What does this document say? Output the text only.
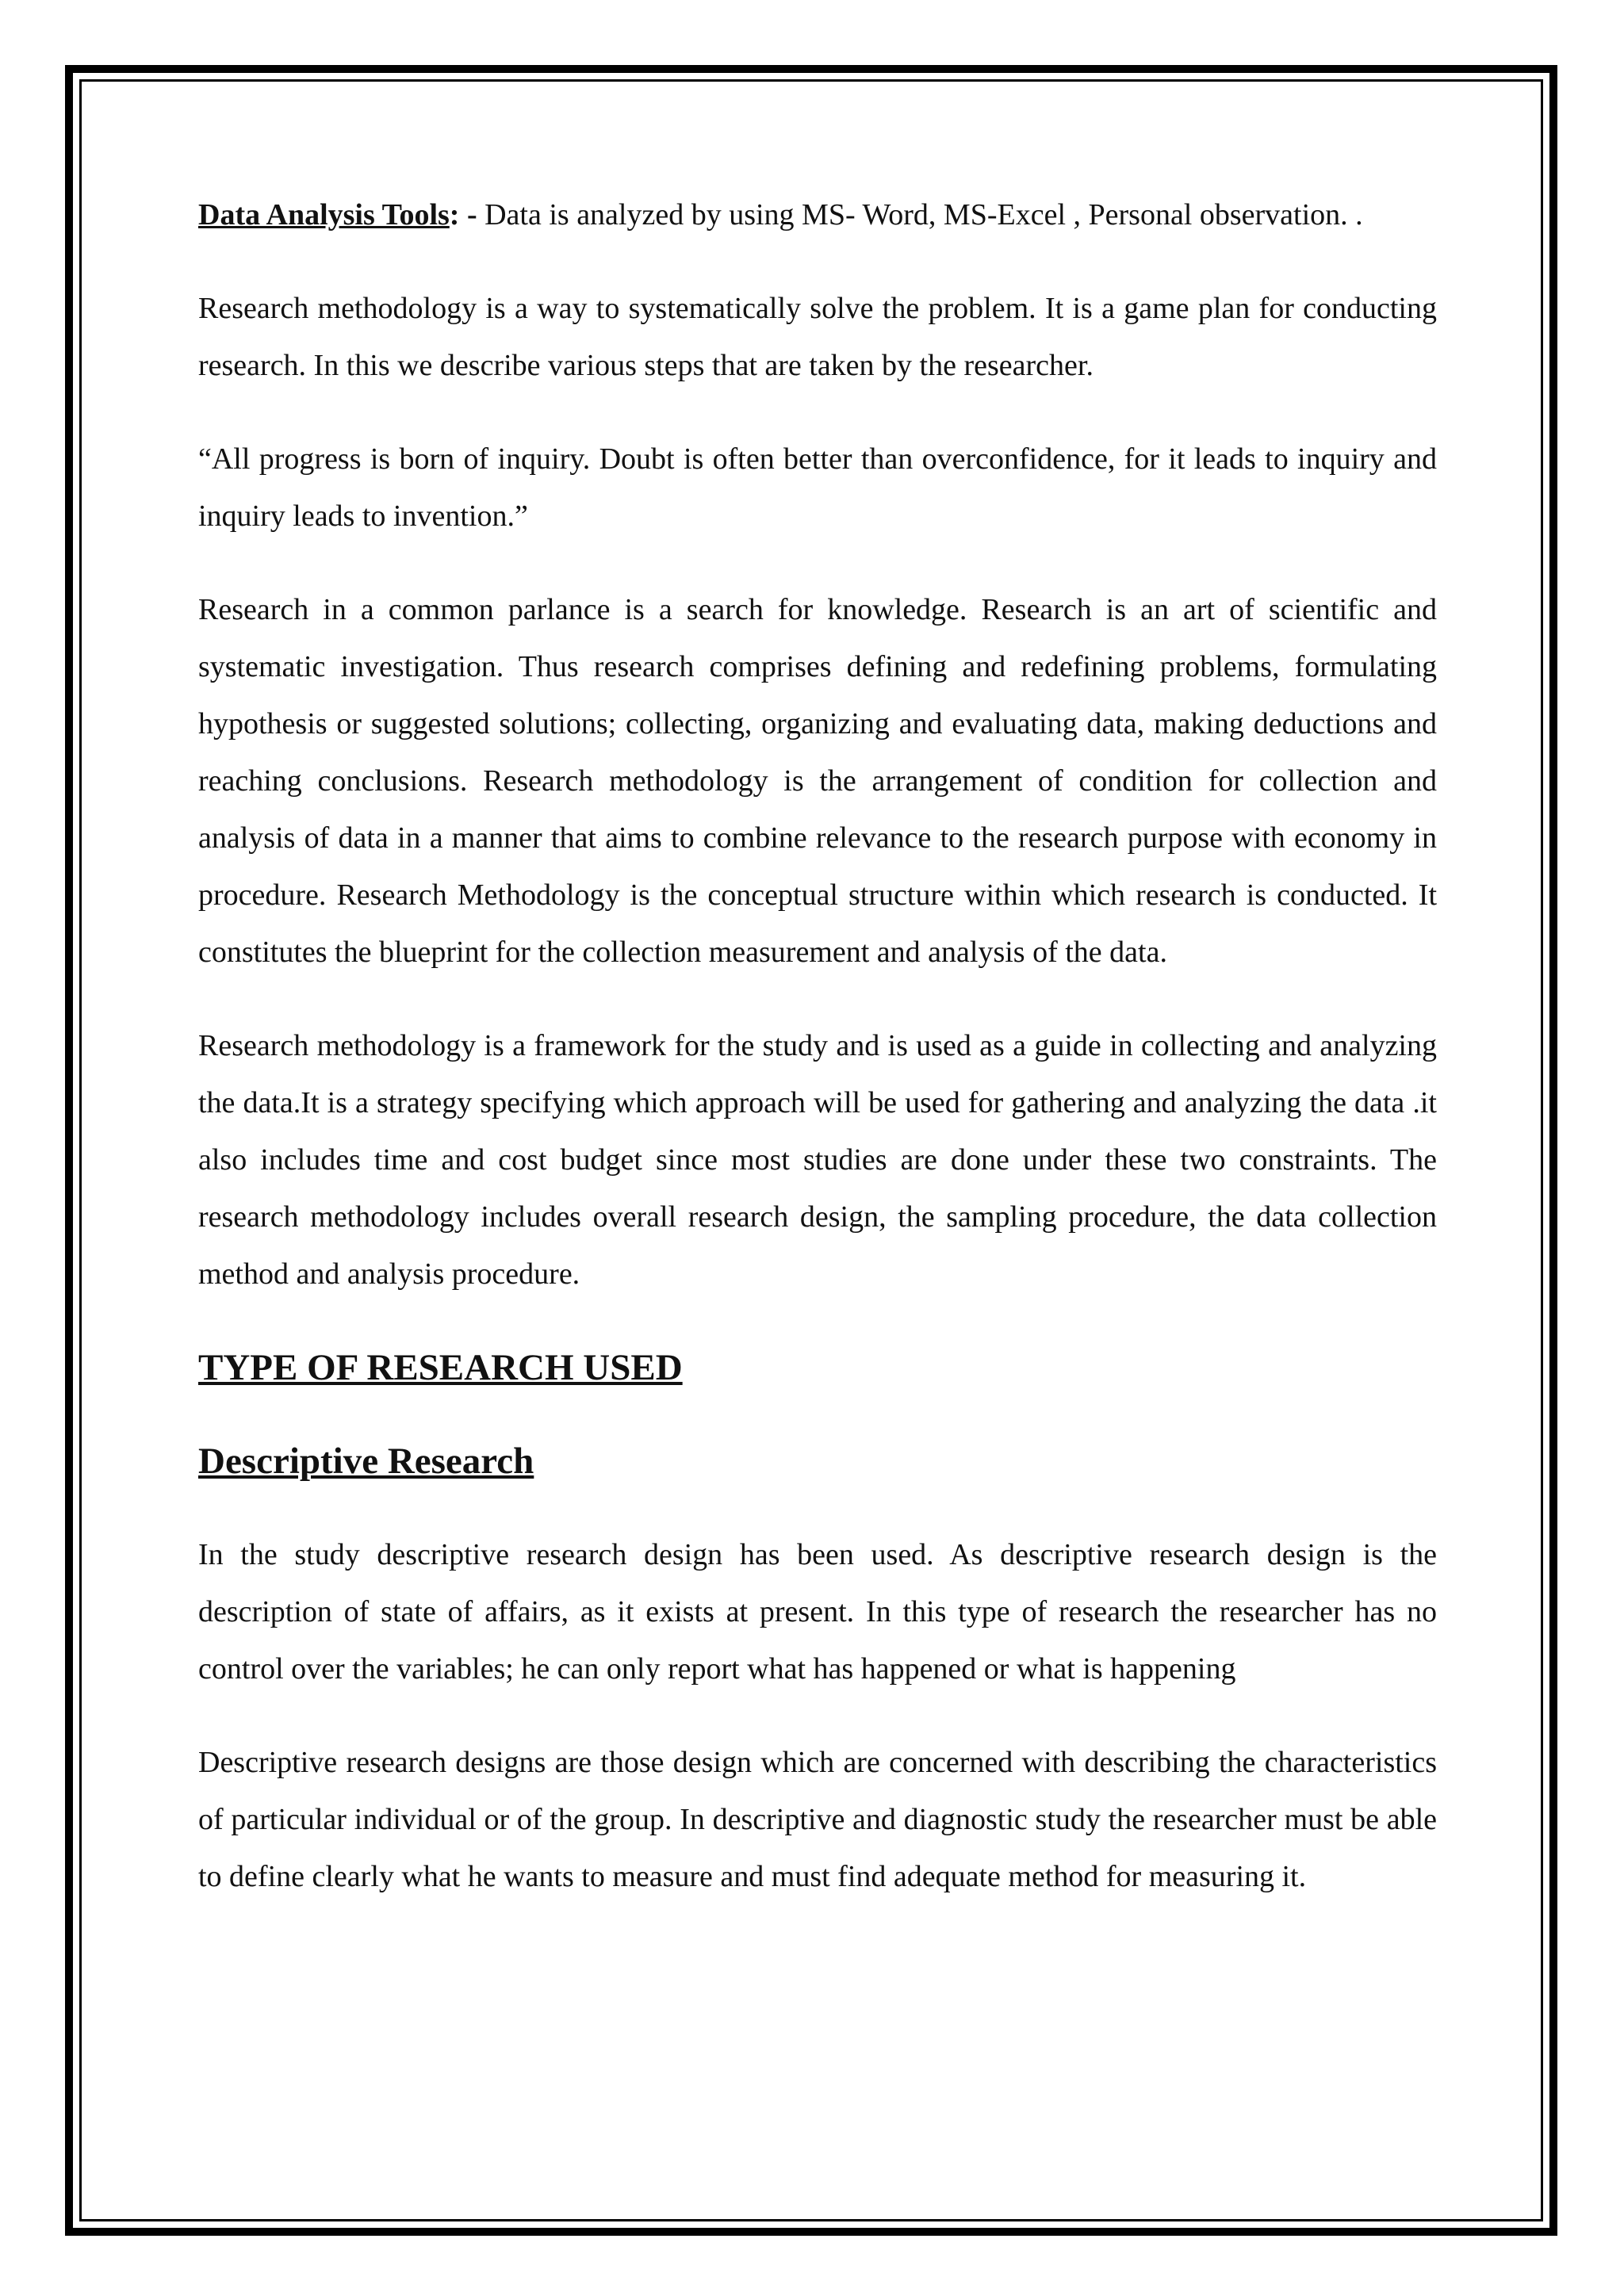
Data Analysis Tools: - Data is analyzed by using MS- Word, MS-Excel , Personal observation. .

Research methodology is a way to systematically solve the problem. It is a game plan for conducting research. In this we describe various steps that are taken by the researcher.

“All progress is born of inquiry. Doubt is often better than overconfidence, for it leads to inquiry and inquiry leads to invention.”

Research in a common parlance is a search for knowledge. Research is an art of scientific and systematic investigation. Thus research comprises defining and redefining problems, formulating hypothesis or suggested solutions; collecting, organizing and evaluating data, making deductions and reaching conclusions. Research methodology is the arrangement of condition for collection and analysis of data in a manner that aims to combine relevance to the research purpose with economy in procedure. Research Methodology is the conceptual structure within which research is conducted. It constitutes the blueprint for the collection measurement and analysis of the data.

Research methodology is a framework for the study and is used as a guide in collecting and analyzing the data.It is a strategy specifying which approach will be used for gathering and analyzing the data .it also includes time and cost budget since most studies are done under these two constraints. The research methodology includes overall research design, the sampling procedure, the data collection method and analysis procedure.

TYPE OF RESEARCH USED
Descriptive Research

In the study descriptive research design has been used. As descriptive research design is the description of state of affairs, as it exists at present. In this type of research the researcher has no control over the variables; he can only report what has happened or what is happening

Descriptive research designs are those design which are concerned with describing the characteristics of particular individual or of the group. In descriptive and diagnostic study the researcher must be able to define clearly what he wants to measure and must find adequate method for measuring it.
